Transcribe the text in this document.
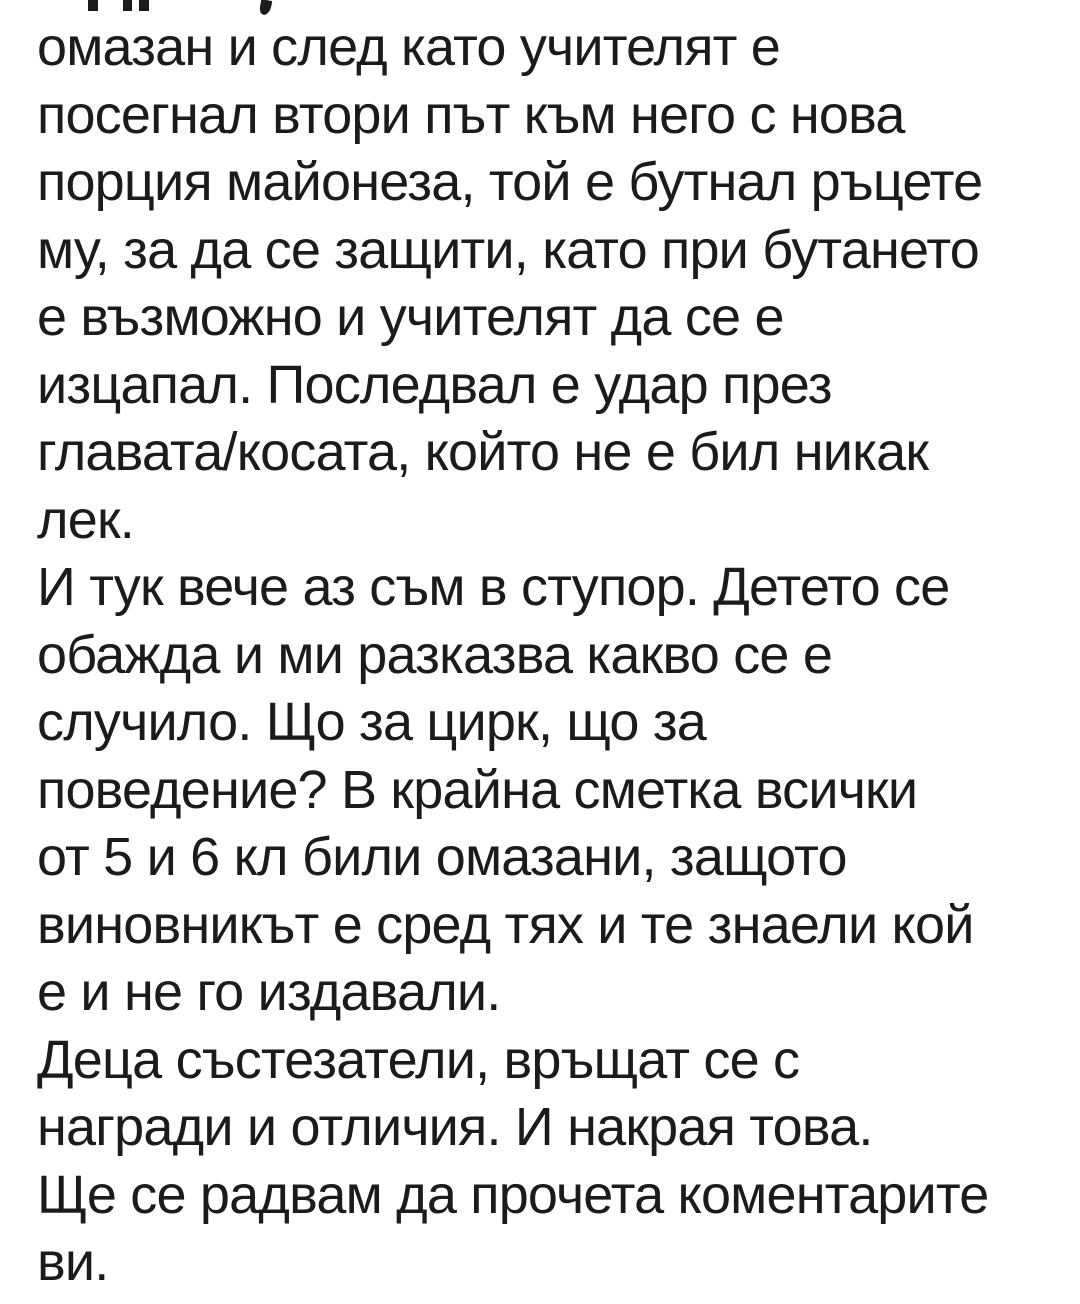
омазан и след като учителят е
посегнал втори път към него с нова
порция майонеза, той е бутнал ръцете
му, за да се защити, като при бутането
е възможно и учителят да се е
изцапал. Последвал е удар през
главата/косата, който не е бил никак
лек.
И тук вече аз съм в ступор. Детето се
обажда и ми разказва какво се е
случило. Що за цирк, що за
поведение? В крайна сметка всички
от 5 и 6 кл били омазани, защото
виновникът е сред тях и те знаели кой
е и не го издавали.
Деца състезатели, връщат се с
награди и отличия. И накрая това.
Ще се радвам да прочета коментарите
ви.
